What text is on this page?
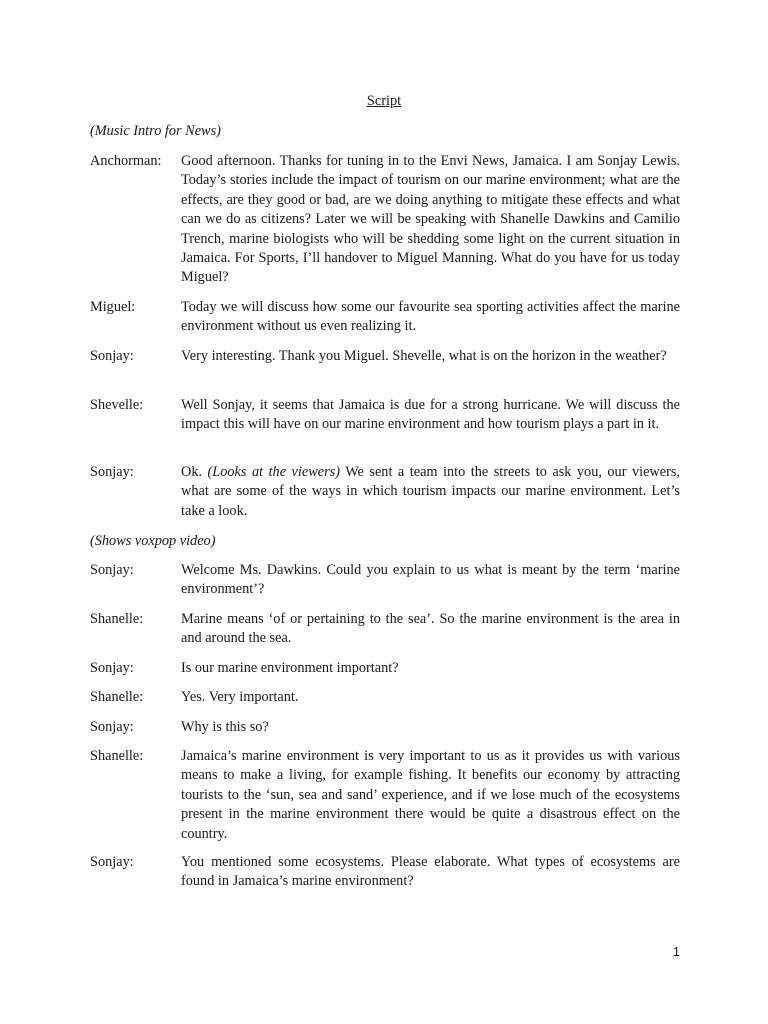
Script
(Music Intro for News)
Anchorman:	Good afternoon. Thanks for tuning in to the Envi News, Jamaica. I am Sonjay Lewis. Today’s stories include the impact of tourism on our marine environment; what are the effects, are they good or bad, are we doing anything to mitigate these effects and what can we do as citizens? Later we will be speaking with Shanelle Dawkins and Camilio Trench, marine biologists who will be shedding some light on the current situation in Jamaica. For Sports, I’ll handover to Miguel Manning. What do you have for us today Miguel?
Miguel:	Today we will discuss how some our favourite sea sporting activities affect the marine environment without us even realizing it.
Sonjay:	Very interesting. Thank you Miguel. Shevelle, what is on the horizon in the weather?
Shevelle:	Well Sonjay, it seems that Jamaica is due for a strong hurricane. We will discuss the impact this will have on our marine environment and how tourism plays a part in it.
Sonjay:	Ok. (Looks at the viewers) We sent a team into the streets to ask you, our viewers, what are some of the ways in which tourism impacts our marine environment. Let’s take a look.
(Shows voxpop video)
Sonjay:	Welcome Ms. Dawkins. Could you explain to us what is meant by the term ‘marine environment’?
Shanelle:	Marine means ‘of or pertaining to the sea’. So the marine environment is the area in and around the sea.
Sonjay:	Is our marine environment important?
Shanelle:	Yes. Very important.
Sonjay:	Why is this so?
Shanelle:	Jamaica’s marine environment is very important to us as it provides us with various means to make a living, for example fishing. It benefits our economy by attracting tourists to the ‘sun, sea and sand’ experience, and if we lose much of the ecosystems present in the marine environment there would be quite a disastrous effect on the country.
Sonjay:	You mentioned some ecosystems. Please elaborate. What types of ecosystems are found in Jamaica’s marine environment?
1
